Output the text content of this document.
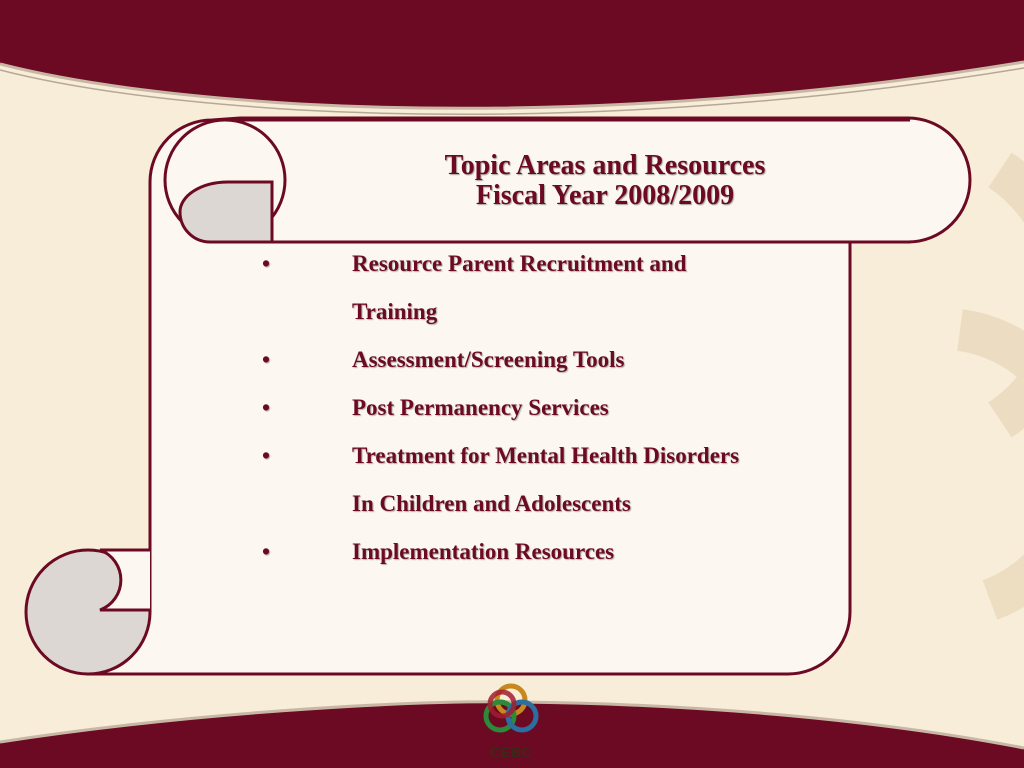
Topic Areas and Resources
Fiscal Year 2008/2009
•	Resource Parent Recruitment and
Training
•	Assessment/Screening Tools
•	Post Permanency Services
•	Treatment for Mental Health Disorders
In Children and Adolescents
•	Implementation Resources
CEBC
